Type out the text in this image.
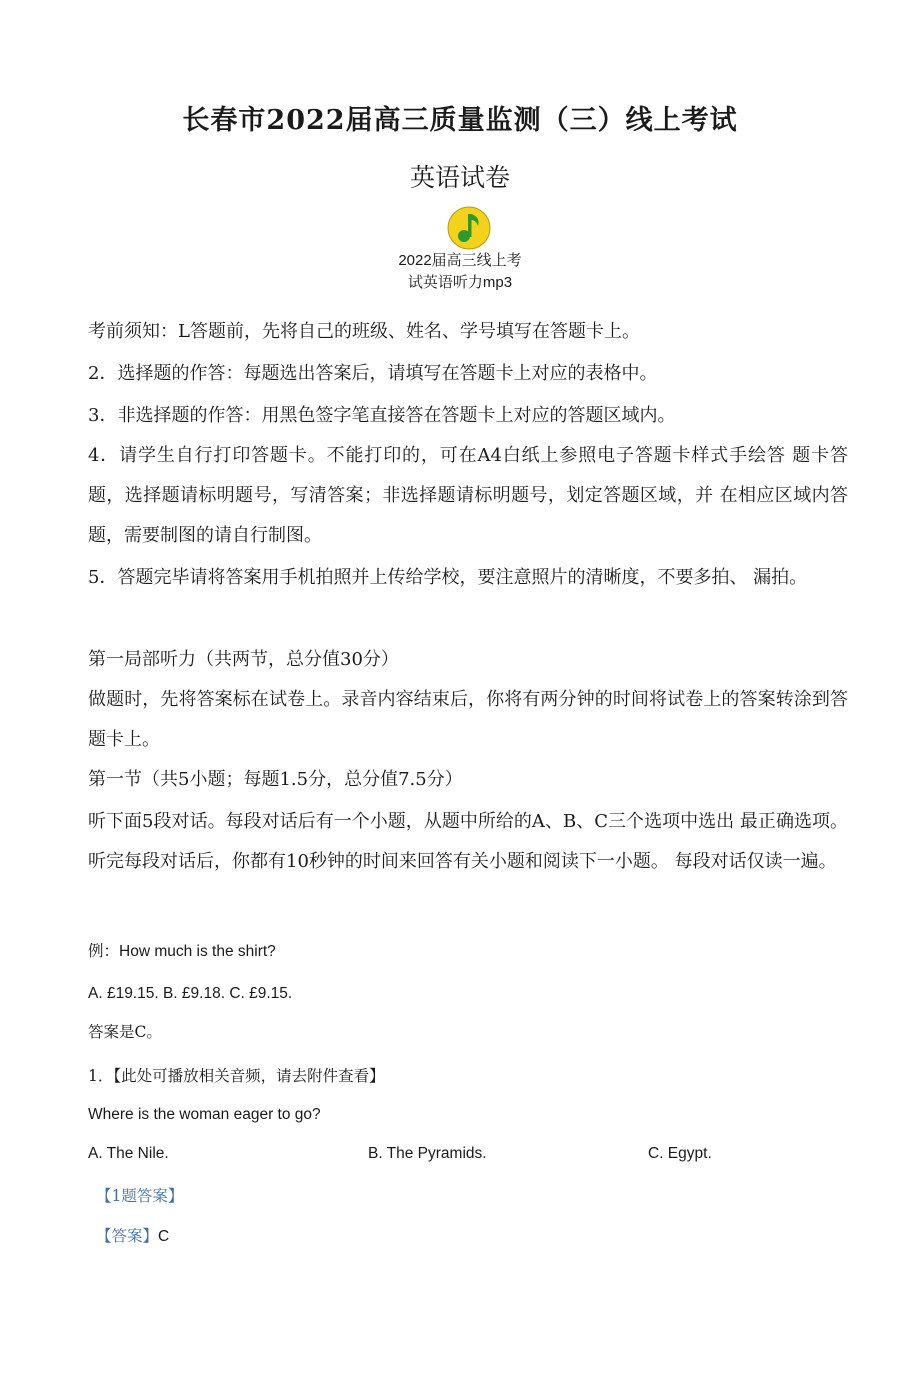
长春市2022届高三质量监测（三）线上考试
英语试卷
2022届高三线上考
试英语听力mp3
考前须知：L答题前，先将自己的班级、姓名、学号填写在答题卡上。
2．选择题的作答：每题选出答案后，请填写在答题卡上对应的表格中。
3．非选择题的作答：用黑色签字笔直接答在答题卡上对应的答题区域内。
4．请学生自行打印答题卡。不能打印的，可在A4白纸上参照电子答题卡样式手绘答 题卡答题，选择题请标明题号，写清答案；非选择题请标明题号，划定答题区域，并 在相应区域内答题，需要制图的请自行制图。
5．答题完毕请将答案用手机拍照并上传给学校，要注意照片的清晰度，不要多拍、 漏拍。
第一局部听力（共两节，总分值30分）
做题时，先将答案标在试卷上。录音内容结束后，你将有两分钟的时间将试卷上的答案转涂到答题卡上。
第一节（共5小题；每题1.5分，总分值7.5分）
听下面5段对话。每段对话后有一个小题，从题中所给的A、B、C三个选项中选出 最正确选项。听完每段对话后，你都有10秒钟的时间来回答有关小题和阅读下一小题。 每段对话仅读一遍。
例：How much is the shirt?
A. £19.15. B. £9.18. C. £9.15.
答案是C。
1．【此处可播放相关音频，请去附件查看】
Where is the woman eager to go?
A. The Nile.	B. The Pyramids.	C. Egypt.
【1题答案】
【答案】C
